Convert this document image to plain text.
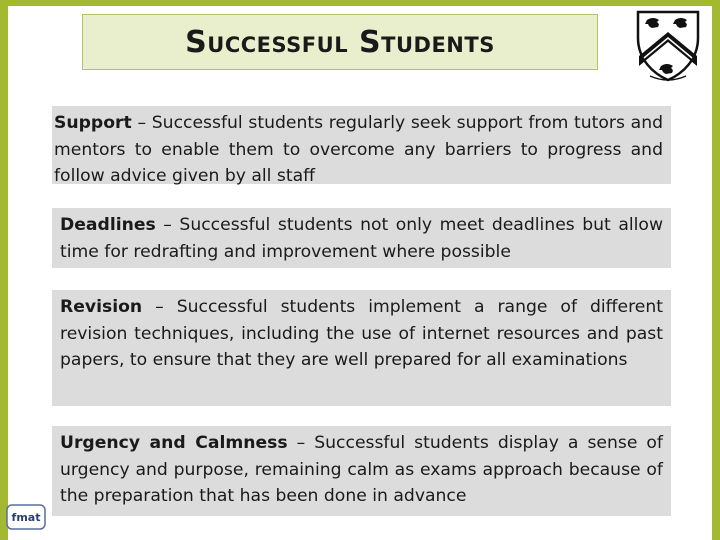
Successful Students
Support – Successful students regularly seek support from tutors and mentors to enable them to overcome any barriers to progress and follow advice given by all staff
Deadlines – Successful students not only meet deadlines but allow time for redrafting and improvement where possible
Revision – Successful students implement a range of different revision techniques, including the use of internet resources and past papers, to ensure that they are well prepared for all examinations
Urgency and Calmness – Successful students display a sense of urgency and purpose, remaining calm as exams approach because of the preparation that has been done in advance
fmat
